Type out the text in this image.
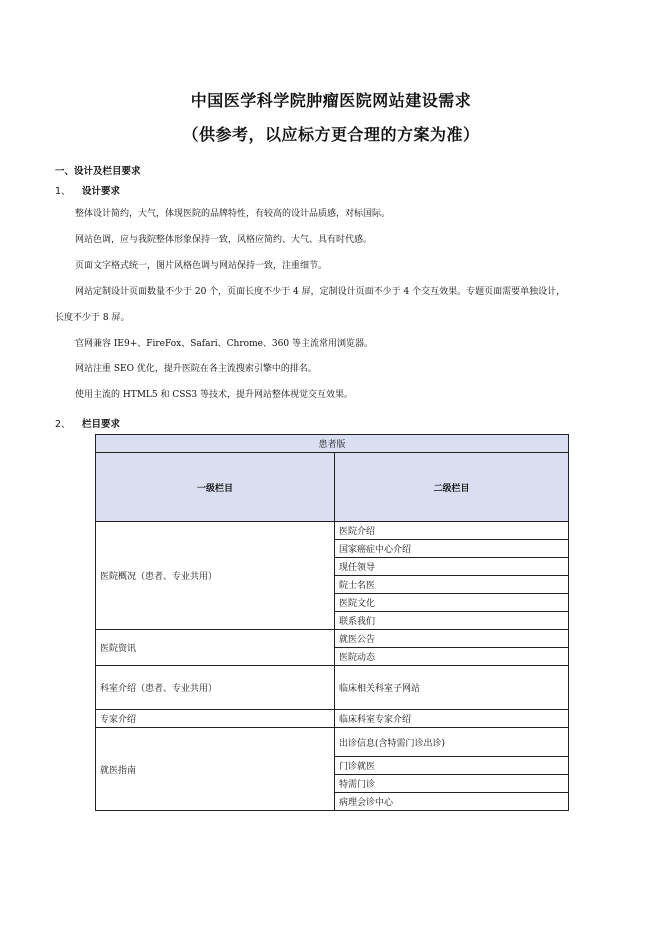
中国医学科学院肿瘤医院网站建设需求
（供参考，以应标方更合理的方案为准）
一、设计及栏目要求
1、 设计要求
整体设计简约，大气，体现医院的品牌特性，有较高的设计品质感，对标国际。
网站色调，应与我院整体形象保持一致，风格应简约、大气、具有时代感。
页面文字格式统一，图片风格色调与网站保持一致，注重细节。
网站定制设计页面数量不少于 20 个，页面长度不少于 4 屏，定制设计页面不少于 4 个交互效果。专题页面需要单独设计，
长度不少于 8 屏。
官网兼容 IE9+、FireFox、Safari、Chrome、360 等主流常用浏览器。
网站注重 SEO 优化，提升医院在各主流搜索引擎中的排名。
使用主流的 HTML5 和 CSS3 等技术，提升网站整体视觉交互效果。
2、 栏目要求
患者版	
一级栏目	二级栏目
医院概况（患者、专业共用）	医院介绍
	国家癌症中心介绍
	现任领导
	院士名医
	医院文化
	联系我们
医院资讯	就医公告
	医院动态
科室介绍（患者、专业共用）	临床相关科室子网站
专家介绍	临床科室专家介绍
就医指南	出诊信息(含特需门诊出诊)
	门诊就医
	特需门诊
	病理会诊中心
